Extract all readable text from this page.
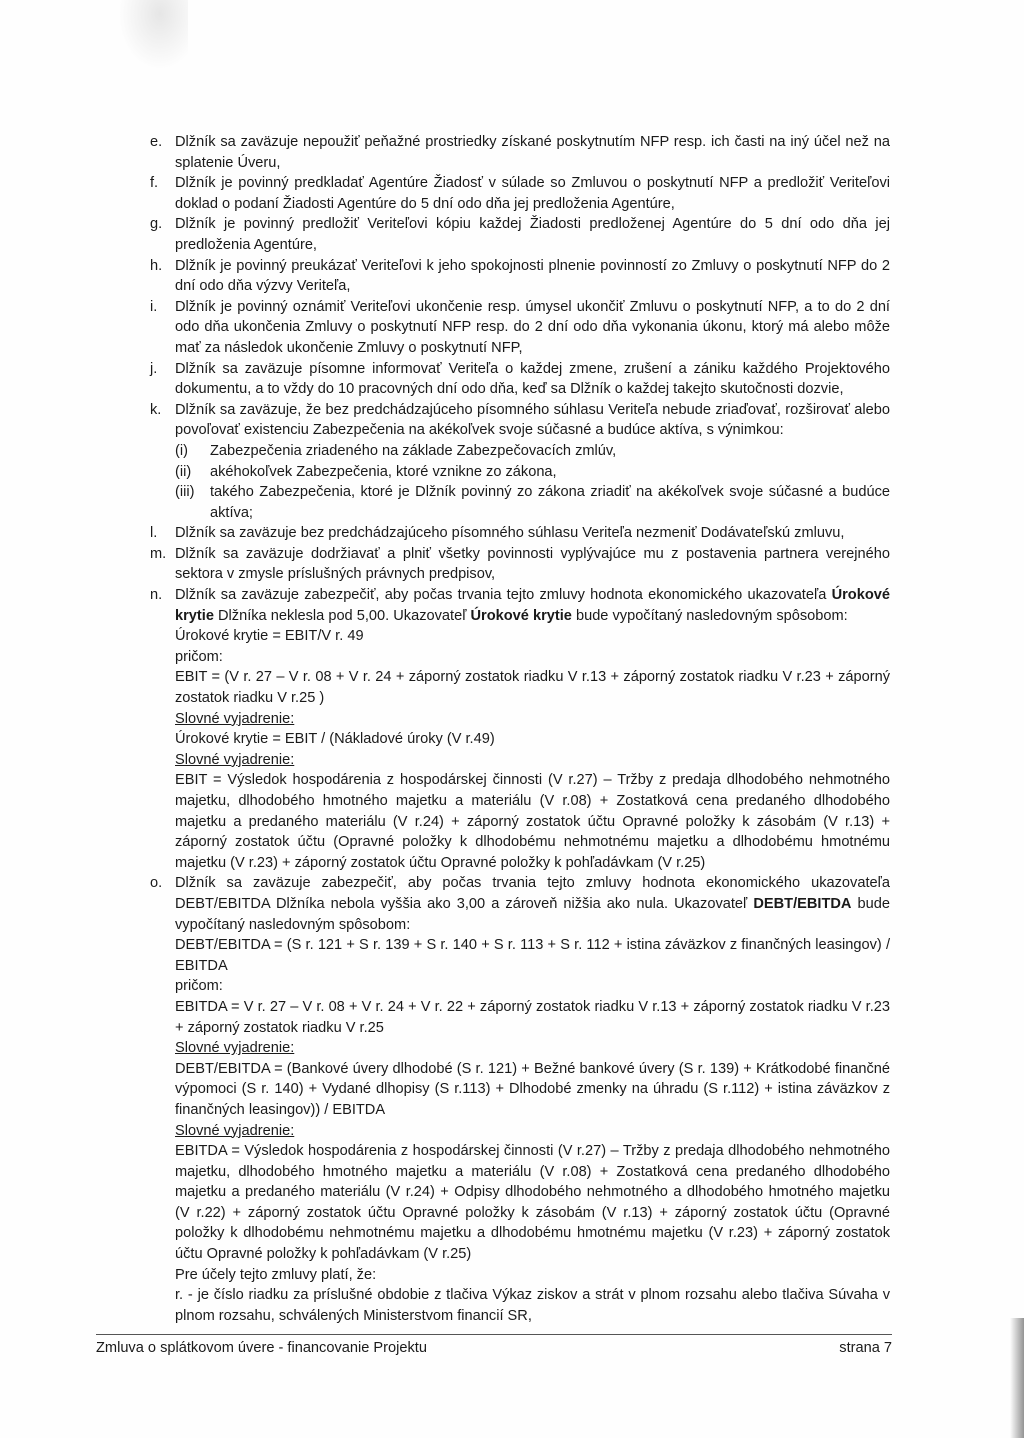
e. Dlžník sa zaväzuje nepoužiť peňažné prostriedky získané poskytnutím NFP resp. ich časti na iný účel než na splatenie Úveru,
f.	Dlžník je povinný predkladať Agentúre Žiadosť v súlade so Zmluvou o poskytnutí NFP a predložiť Veriteľovi doklad o podaní Žiadosti Agentúre do 5 dní odo dňa jej predloženia Agentúre,
g. Dlžník je povinný predložiť Veriteľovi kópiu každej Žiadosti predloženej Agentúre do 5 dní odo dňa jej predloženia Agentúre,
h. Dlžník je povinný preukázať Veriteľovi k jeho spokojnosti plnenie povinností zo Zmluvy o poskytnutí NFP do 2 dní odo dňa výzvy Veriteľa,
i.	Dlžník je povinný oznámiť Veriteľovi ukončenie resp. úmysel ukončiť Zmluvu o poskytnutí NFP, a to do 2 dní odo dňa ukončenia Zmluvy o poskytnutí NFP resp. do 2 dní odo dňa vykonania úkonu, ktorý má alebo môže mať za následok ukončenie Zmluvy o poskytnutí NFP,
j.	Dlžník sa zaväzuje písomne informovať Veriteľa o každej zmene, zrušení a zániku každého Projektového dokumentu, a to vždy do 10 pracovných dní odo dňa, keď sa Dlžník o každej takejto skutočnosti dozvie,
k. Dlžník sa zaväzuje, že bez predchádzajúceho písomného súhlasu Veriteľa nebude zriaďovať, rozširovať alebo povoľovať existenciu Zabezpečenia na akékoľvek svoje súčasné a budúce aktíva, s výnimkou:
(i)	Zabezpečenia zriadeného na základe Zabezpečovacích zmlúv,
(ii)	akéhokoľvek Zabezpečenia, ktoré vznikne zo zákona,
(iii)	takého Zabezpečenia, ktoré je Dlžník povinný zo zákona zriadiť na akékoľvek svoje súčasné a budúce aktíva;
l.	Dlžník sa zaväzuje bez predchádzajúceho písomného súhlasu Veriteľa nezmeniť Dodávateľskú zmluvu,
m. Dlžník sa zaväzuje dodržiavať a plniť všetky povinnosti vyplývajúce mu z postavenia partnera verejného sektora v zmysle príslušných právnych predpisov,
n. Dlžník sa zaväzuje zabezpečiť, aby počas trvania tejto zmluvy hodnota ekonomického ukazovateľa Úrokové krytie Dlžníka neklesla pod 5,00. Ukazovateľ Úrokové krytie bude vypočítaný nasledovným spôsobom:
Úrokové krytie = EBIT/V r. 49
pričom:
EBIT = (V r. 27 – V r. 08 + V r. 24 + záporný zostatok riadku V r.13 + záporný zostatok riadku V r.23 + záporný zostatok riadku V r.25 )
Slovné vyjadrenie:
Úrokové krytie = EBIT / (Nákladové úroky (V r.49)
Slovné vyjadrenie:
EBIT = Výsledok hospodárenia z hospodárskej činnosti (V r.27) – Tržby z predaja dlhodobého nehmotného majetku, dlhodobého hmotného majetku a materiálu (V r.08) + Zostatková cena predaného dlhodobého majetku a predaného materiálu (V r.24) + záporný zostatok účtu Opravné položky k zásobám (V r.13) + záporný zostatok účtu (Opravné položky k dlhodobému nehmotnému majetku a dlhodobému hmotnému majetku (V r.23) + záporný zostatok účtu Opravné položky k pohľadávkam (V r.25)
o. Dlžník sa zaväzuje zabezpečiť, aby počas trvania tejto zmluvy hodnota ekonomického ukazovateľa DEBT/EBITDA Dlžníka nebola vyššia ako 3,00 a zároveň nižšia ako nula. Ukazovateľ DEBT/EBITDA bude vypočítaný nasledovným spôsobom:
DEBT/EBITDA = (S r. 121 + S r. 139 + S r. 140 + S r. 113 + S r. 112 + istina záväzkov z finančných leasingov) / EBITDA
pričom:
EBITDA = V r. 27 – V r. 08 + V r. 24 + V r. 22 + záporný zostatok riadku V r.13 + záporný zostatok riadku V r.23 + záporný zostatok riadku V r.25
Slovné vyjadrenie:
DEBT/EBITDA = (Bankové úvery dlhodobé (S r. 121) + Bežné bankové úvery (S r. 139) + Krátkodobé finančné výpomoci (S r. 140) + Vydané dlhopisy (S r.113) + Dlhodobé zmenky na úhradu (S r.112) + istina záväzkov z finančných leasingov)) / EBITDA
Slovné vyjadrenie:
EBITDA = Výsledok hospodárenia z hospodárskej činnosti (V r.27) – Tržby z predaja dlhodobého nehmotného majetku, dlhodobého hmotného majetku a materiálu (V r.08) + Zostatková cena predaného dlhodobého majetku a predaného materiálu (V r.24) + Odpisy dlhodobého nehmotného a dlhodobého hmotného majetku (V r.22) + záporný zostatok účtu Opravné položky k zásobám (V r.13) + záporný zostatok účtu (Opravné položky k dlhodobému nehmotnému majetku a dlhodobému hmotnému majetku (V r.23) + záporný zostatok účtu Opravné položky k pohľadávkam (V r.25)
Pre účely tejto zmluvy platí, že:
r. - je číslo riadku za príslušné obdobie z tlačiva Výkaz ziskov a strát v plnom rozsahu alebo tlačiva Súvaha v plnom rozsahu, schválených Ministerstvom financií SR,
Zmluva o splátkovom úvere - financovanie Projektu	strana 7
